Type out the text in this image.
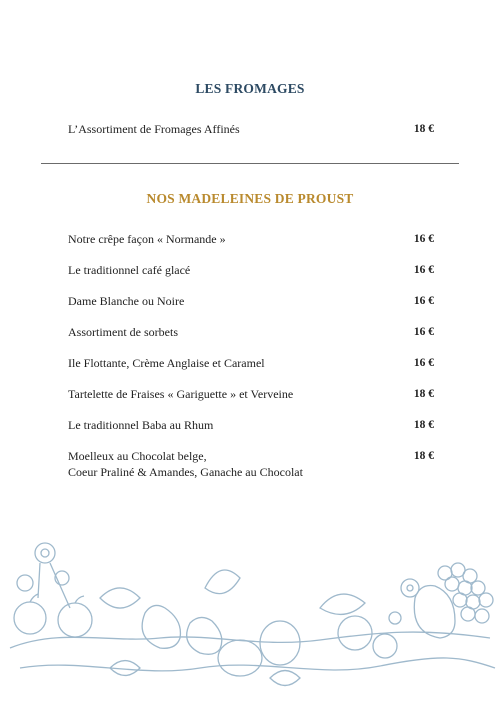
LES FROMAGES
L’Assortiment de Fromages Affinés	18 €
NOS MADELEINES DE PROUST
Notre crêpe façon « Normande »	16 €
Le traditionnel café glacé	16 €
Dame Blanche ou Noire	16 €
Assortiment de sorbets	16 €
Ile Flottante, Crème Anglaise et Caramel	16 €
Tartelette de Fraises « Gariguette » et Verveine	18 €
Le traditionnel Baba au Rhum	18 €
Moelleux au Chocolat belge,
Coeur Praliné & Amandes, Ganache au Chocolat
18 €
